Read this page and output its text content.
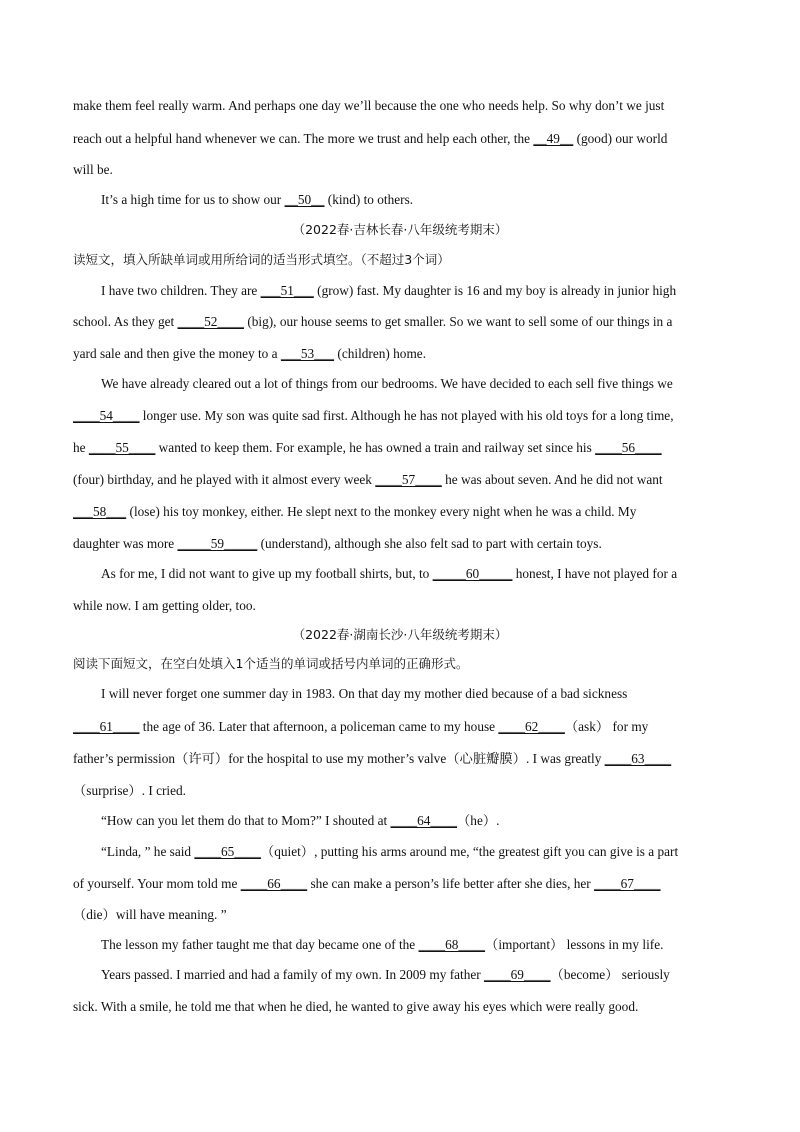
make them feel really warm. And perhaps one day we’ll because the one who needs help. So why don’t we just
reach out a helpful hand whenever we can. The more we trust and help each other, the __49__ (good) our world
will be.
It’s a high time for us to show our __50__ (kind) to others.
（2022春·吉林长春·八年级统考期末）
读短文，填入所缺单词或用所给词的适当形式填空。（不超过3个词）
I have two children. They are ___51___ (grow) fast. My daughter is 16 and my boy is already in junior high
school. As they get ____52____ (big), our house seems to get smaller. So we want to sell some of our things in a
yard sale and then give the money to a ___53___ (children) home.
We have already cleared out a lot of things from our bedrooms. We have decided to each sell five things we
____54____ longer use. My son was quite sad first. Although he has not played with his old toys for a long time,
he ____55____ wanted to keep them. For example, he has owned a train and railway set since his ____56____
(four) birthday, and he played with it almost every week ____57____ he was about seven. And he did not want
___58___ (lose) his toy monkey, either. He slept next to the monkey every night when he was a child. My
daughter was more _____59_____ (understand), although she also felt sad to part with certain toys.
As for me, I did not want to give up my football shirts, but, to _____60_____ honest, I have not played for a
while now. I am getting older, too.
（2022春·湖南长沙·八年级统考期末）
阅读下面短文，在空白处填入1个适当的单词或括号内单词的正确形式。
I will never forget one summer day in 1983. On that day my mother died because of a bad sickness
____61____ the age of 36. Later that afternoon, a policeman came to my house ____62____（ask） for my
father’s permission（许可）for the hospital to use my mother’s valve（心脏瓣膜）. I was greatly ____63____
（surprise）. I cried.
“How can you let them do that to Mom?” I shouted at ____64____（he）.
“Linda, ” he said ____65____（quiet）, putting his arms around me, “the greatest gift you can give is a part
of yourself. Your mom told me ____66____ she can make a person’s life better after she dies, her ____67____
（die）will have meaning. ”
The lesson my father taught me that day became one of the ____68____（important） lessons in my life.
Years passed. I married and had a family of my own. In 2009 my father ____69____（become） seriously
sick. With a smile, he told me that when he died, he wanted to give away his eyes which were really good.
